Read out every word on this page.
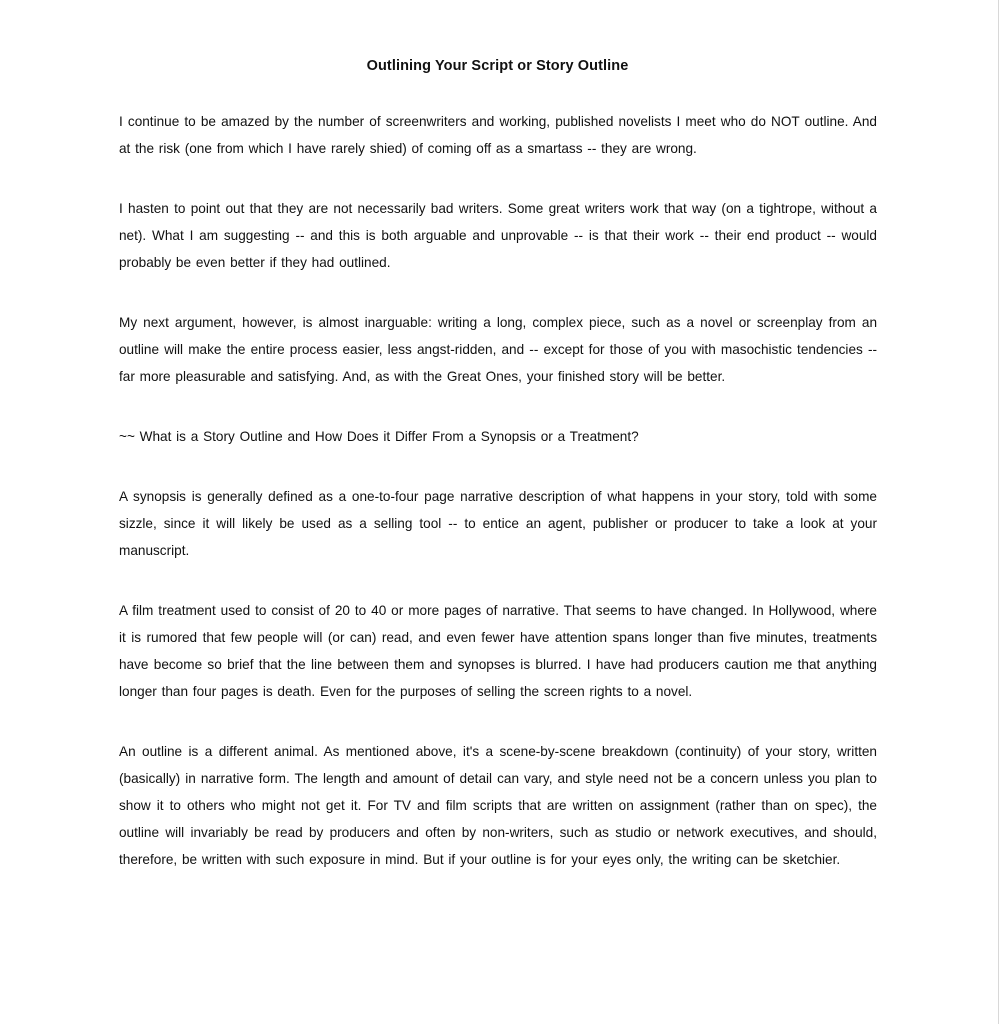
Outlining Your Script or Story Outline

I continue to be amazed by the number of screenwriters and working, published novelists I meet who do NOT outline. And at the risk (one from which I have rarely shied) of coming off as a smartass -- they are wrong.

I hasten to point out that they are not necessarily bad writers. Some great writers work that way (on a tightrope, without a net). What I am suggesting -- and this is both arguable and unprovable -- is that their work -- their end product -- would probably be even better if they had outlined.

My next argument, however, is almost inarguable: writing a long, complex piece, such as a novel or screenplay from an outline will make the entire process easier, less angst-ridden, and -- except for those of you with masochistic tendencies -- far more pleasurable and satisfying. And, as with the Great Ones, your finished story will be better.

~~ What is a Story Outline and How Does it Differ From a Synopsis or a Treatment?

A synopsis is generally defined as a one-to-four page narrative description of what happens in your story, told with some sizzle, since it will likely be used as a selling tool -- to entice an agent, publisher or producer to take a look at your manuscript.

A film treatment used to consist of 20 to 40 or more pages of narrative. That seems to have changed. In Hollywood, where it is rumored that few people will (or can) read, and even fewer have attention spans longer than five minutes, treatments have become so brief that the line between them and synopses is blurred. I have had producers caution me that anything longer than four pages is death. Even for the purposes of selling the screen rights to a novel.

An outline is a different animal. As mentioned above, it's a scene-by-scene breakdown (continuity) of your story, written (basically) in narrative form. The length and amount of detail can vary, and style need not be a concern unless you plan to show it to others who might not get it. For TV and film scripts that are written on assignment (rather than on spec), the outline will invariably be read by producers and often by non-writers, such as studio or network executives, and should, therefore, be written with such exposure in mind. But if your outline is for your eyes only, the writing can be sketchier.
